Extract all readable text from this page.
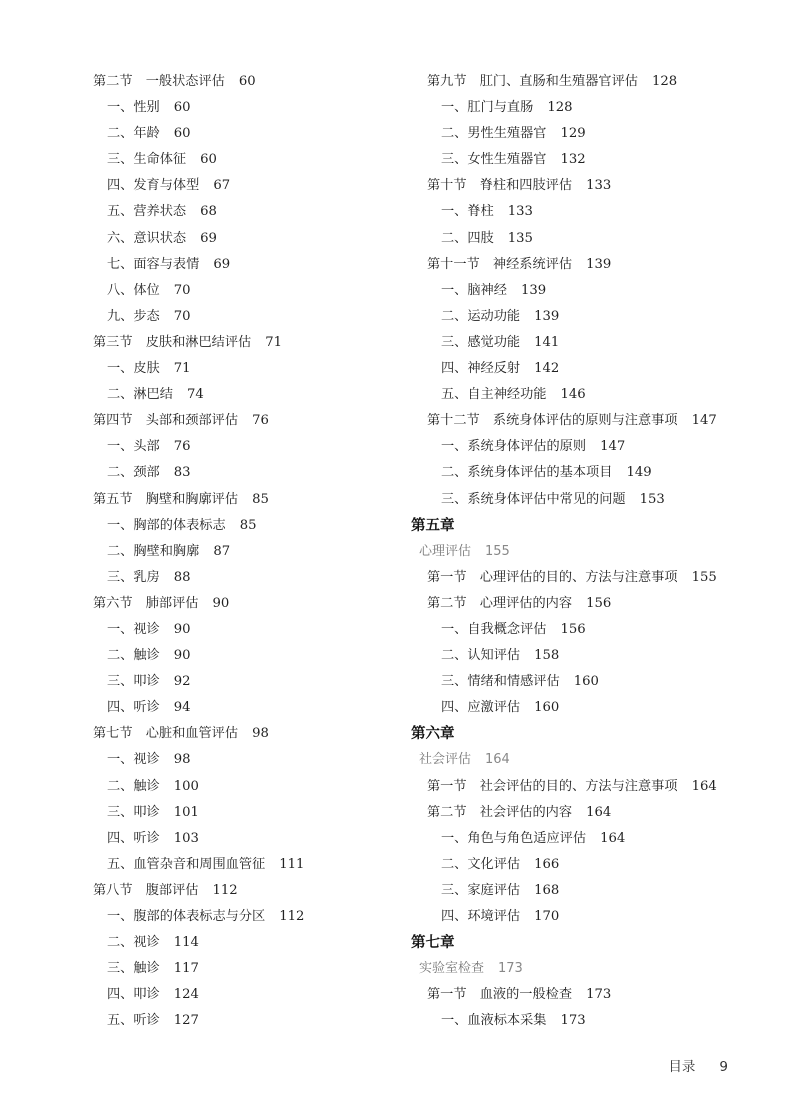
第二节　一般状态评估 60
一、性别 60
二、年龄 60
三、生命体征 60
四、发育与体型 67
五、营养状态 68
六、意识状态 69
七、面容与表情 69
八、体位 70
九、步态 70
第三节　皮肤和淋巴结评估 71
一、皮肤 71
二、淋巴结 74
第四节　头部和颈部评估 76
一、头部 76
二、颈部 83
第五节　胸壁和胸廓评估 85
一、胸部的体表标志 85
二、胸壁和胸廓 87
三、乳房 88
第六节　肺部评估 90
一、视诊 90
二、触诊 90
三、叩诊 92
四、听诊 94
第七节　心脏和血管评估 98
一、视诊 98
二、触诊 100
三、叩诊 101
四、听诊 103
五、血管杂音和周围血管征 111
第八节　腹部评估 112
一、腹部的体表标志与分区 112
二、视诊 114
三、触诊 117
四、叩诊 124
五、听诊 127
第九节　肛门、直肠和生殖器官评估 128
一、肛门与直肠 128
二、男性生殖器官 129
三、女性生殖器官 132
第十节　脊柱和四肢评估 133
一、脊柱 133
二、四肢 135
第十一节　神经系统评估 139
一、脑神经 139
二、运动功能 139
三、感觉功能 141
四、神经反射 142
五、自主神经功能 146
第十二节　系统身体评估的原则与注意事项 147
一、系统身体评估的原则 147
二、系统身体评估的基本项目 149
三、系统身体评估中常见的问题 153
第五章
心理评估 155
第一节　心理评估的目的、方法与注意事项 155
第二节　心理评估的内容 156
一、自我概念评估 156
二、认知评估 158
三、情绪和情感评估 160
四、应激评估 160
第六章
社会评估 164
第一节　社会评估的目的、方法与注意事项 164
第二节　社会评估的内容 164
一、角色与角色适应评估 164
二、文化评估 166
三、家庭评估 168
四、环境评估 170
第七章
实验室检查 173
第一节　血液的一般检查 173
一、血液标本采集 173
目录 9
